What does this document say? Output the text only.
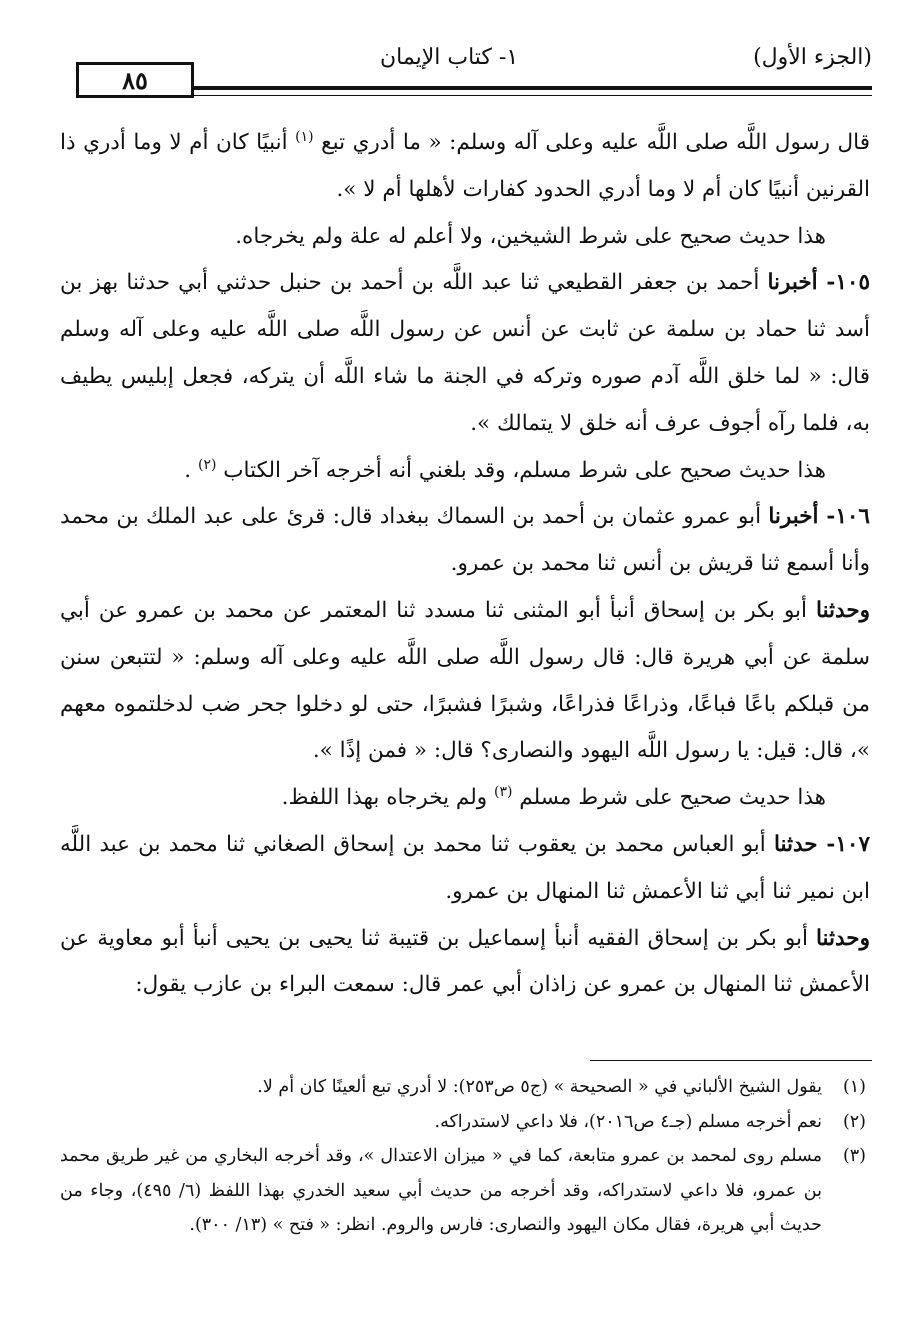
٨٥
١- كتاب الإيمان	(الجزء الأول)

قال رسول اللَّه صلى اللَّه عليه وعلى آله وسلم: « ما أدري تبع $^{(١)}$ أنبيًا كان أم لا وما أدري ذا القرنين أنبيًا كان أم لا وما أدري الحدود كفارات لأهلها أم لا ».

هذا حديث صحيح على شرط الشيخين، ولا أعلم له علة ولم يخرجاه.

١٠٥- أخبرنا أحمد بن جعفر القطيعي ثنا عبد اللَّه بن أحمد بن حنبل حدثني أبي حدثنا بهز بن أسد ثنا حماد بن سلمة عن ثابت عن أنس عن رسول اللَّه صلى اللَّه عليه وعلى آله وسلم قال: « لما خلق اللَّه آدم صوره وتركه في الجنة ما شاء اللَّه أن يتركه، فجعل إبليس يطيف به، فلما رآه أجوف عرف أنه خلق لا يتمالك ».

هذا حديث صحيح على شرط مسلم، وقد بلغني أنه أخرجه آخر الكتاب $^{(٢)}$ .

١٠٦- أخبرنا أبو عمرو عثمان بن أحمد بن السماك ببغداد قال: قرئ على عبد الملك بن محمد وأنا أسمع ثنا قريش بن أنس ثنا محمد بن عمرو.

وحدثنا أبو بكر بن إسحاق أنبأ أبو المثنى ثنا مسدد ثنا المعتمر عن محمد بن عمرو عن أبي سلمة عن أبي هريرة قال: قال رسول اللَّه صلى اللَّه عليه وعلى آله وسلم: « لتتبعن سنن من قبلكم باعًا فباعًا، وذراعًا فذراعًا، وشبرًا فشبرًا، حتى لو دخلوا جحر ضب لدخلتموه معهم »، قال: قيل: يا رسول اللَّه اليهود والنصارى؟ قال: « فمن إذًا ».

هذا حديث صحيح على شرط مسلم $^{(٣)}$ ولم يخرجاه بهذا اللفظ.

١٠٧- حدثنا أبو العباس محمد بن يعقوب ثنا محمد بن إسحاق الصغاني ثنا محمد بن عبد اللَّه ابن نمير ثنا أبي ثنا الأعمش ثنا المنهال بن عمرو.

وحدثنا أبو بكر بن إسحاق الفقيه أنبأ إسماعيل بن قتيبة ثنا يحيى بن يحيى أنبأ أبو معاوية عن الأعمش ثنا المنهال بن عمرو عن زاذان أبي عمر قال: سمعت البراء بن عازب يقول:

(١)
يقول الشيخ الألباني في « الصحيحة » (ج٥ ص٢٥٣): لا أدري تبع ألعينًا كان أم لا.
(٢)
نعم أخرجه مسلم (جـ٤ ص٢٠١٦)، فلا داعي لاستدراكه.
(٣)
مسلم روى لمحمد بن عمرو متابعة، كما في « ميزان الاعتدال »، وقد أخرجه البخاري من غير طريق محمد بن عمرو، فلا داعي لاستدراكه، وقد أخرجه من حديث أبي سعيد الخدري بهذا اللفظ (٦/ ٤٩٥)، وجاء من حديث أبي هريرة، فقال مكان اليهود والنصارى: فارس والروم. انظر: « فتح » (١٣/ ٣٠٠).
